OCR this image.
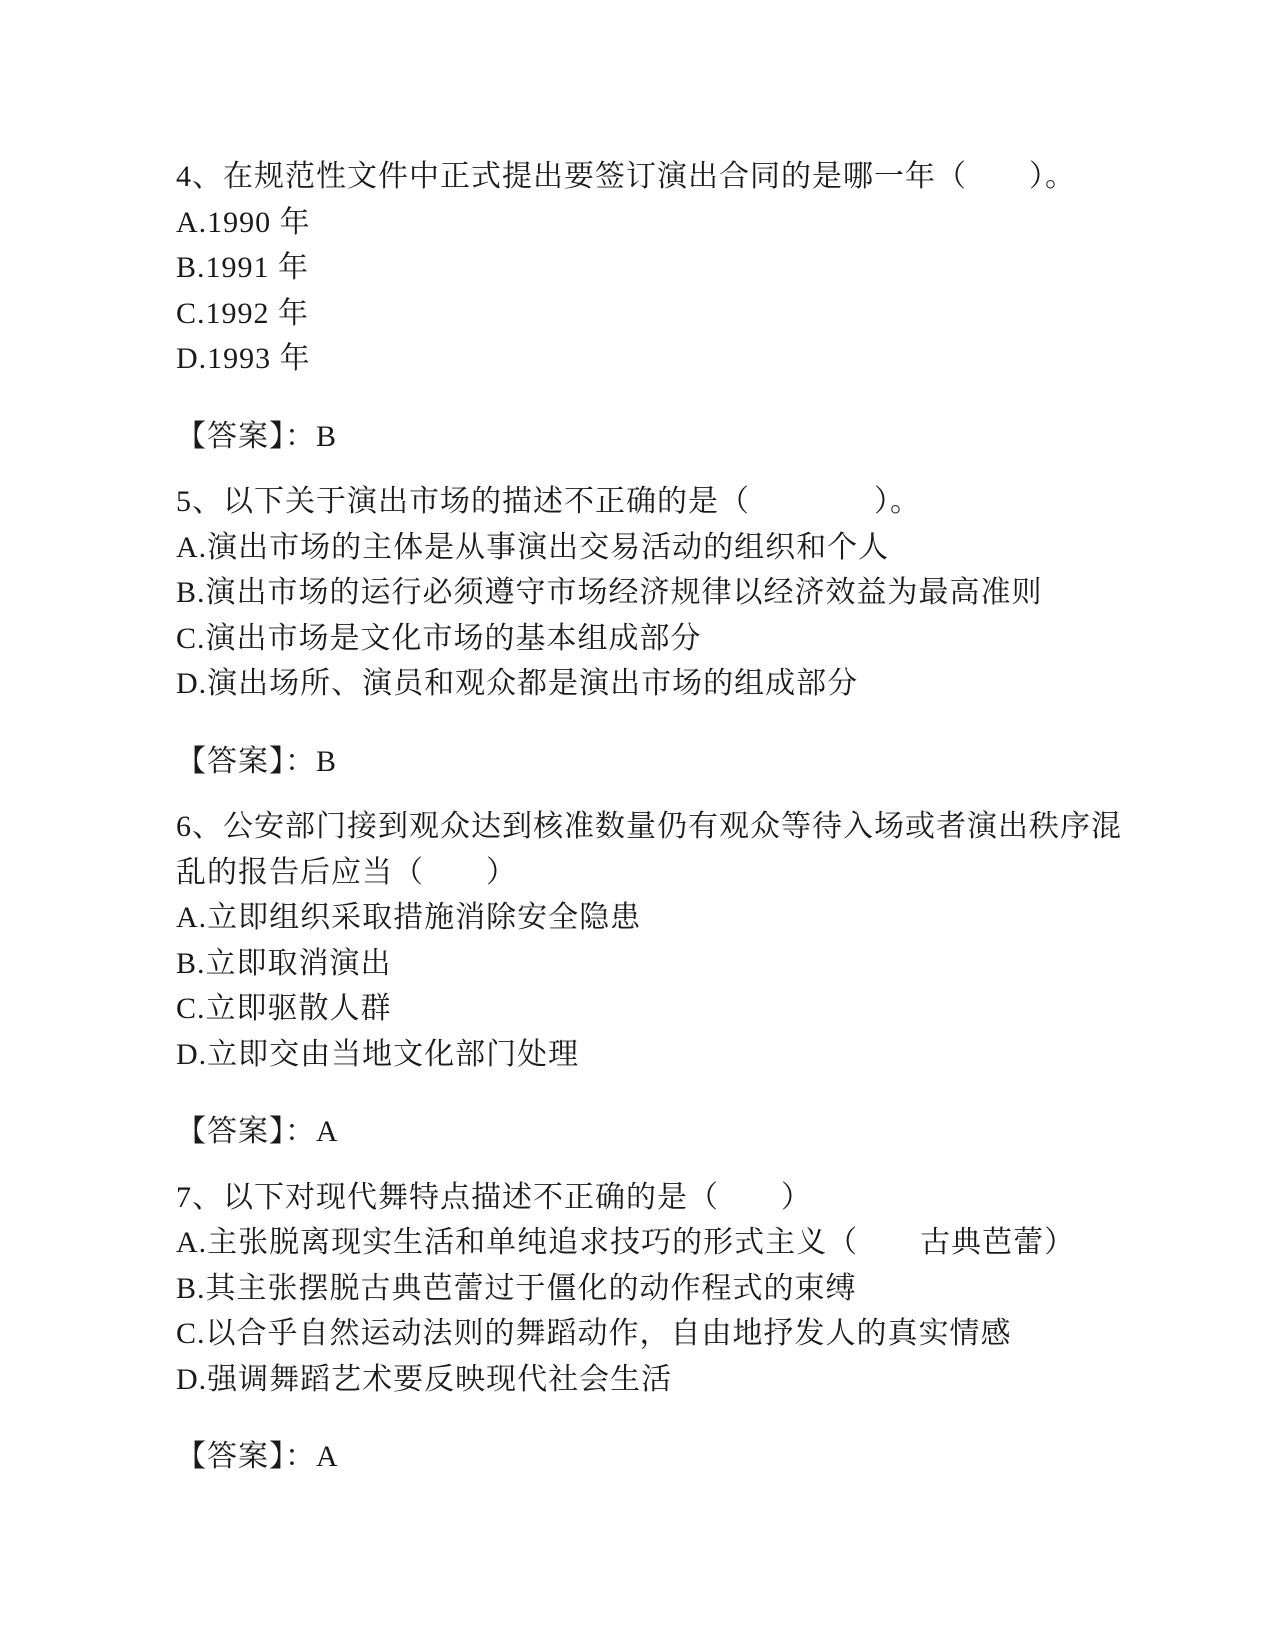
4、在规范性文件中正式提出要签订演出合同的是哪一年（　　）。
A.1990 年
B.1991 年
C.1992 年
D.1993 年
【答案】：B
5、以下关于演出市场的描述不正确的是（　　　　）。
A.演出市场的主体是从事演出交易活动的组织和个人
B.演出市场的运行必须遵守市场经济规律以经济效益为最高准则
C.演出市场是文化市场的基本组成部分
D.演出场所、演员和观众都是演出市场的组成部分
【答案】：B
6、公安部门接到观众达到核准数量仍有观众等待入场或者演出秩序混
乱的报告后应当（　　）
A.立即组织采取措施消除安全隐患
B.立即取消演出
C.立即驱散人群
D.立即交由当地文化部门处理
【答案】：A
7、以下对现代舞特点描述不正确的是（　　）
A.主张脱离现实生活和单纯追求技巧的形式主义（　　古典芭蕾）
B.其主张摆脱古典芭蕾过于僵化的动作程式的束缚
C.以合乎自然运动法则的舞蹈动作，自由地抒发人的真实情感
D.强调舞蹈艺术要反映现代社会生活
【答案】：A
